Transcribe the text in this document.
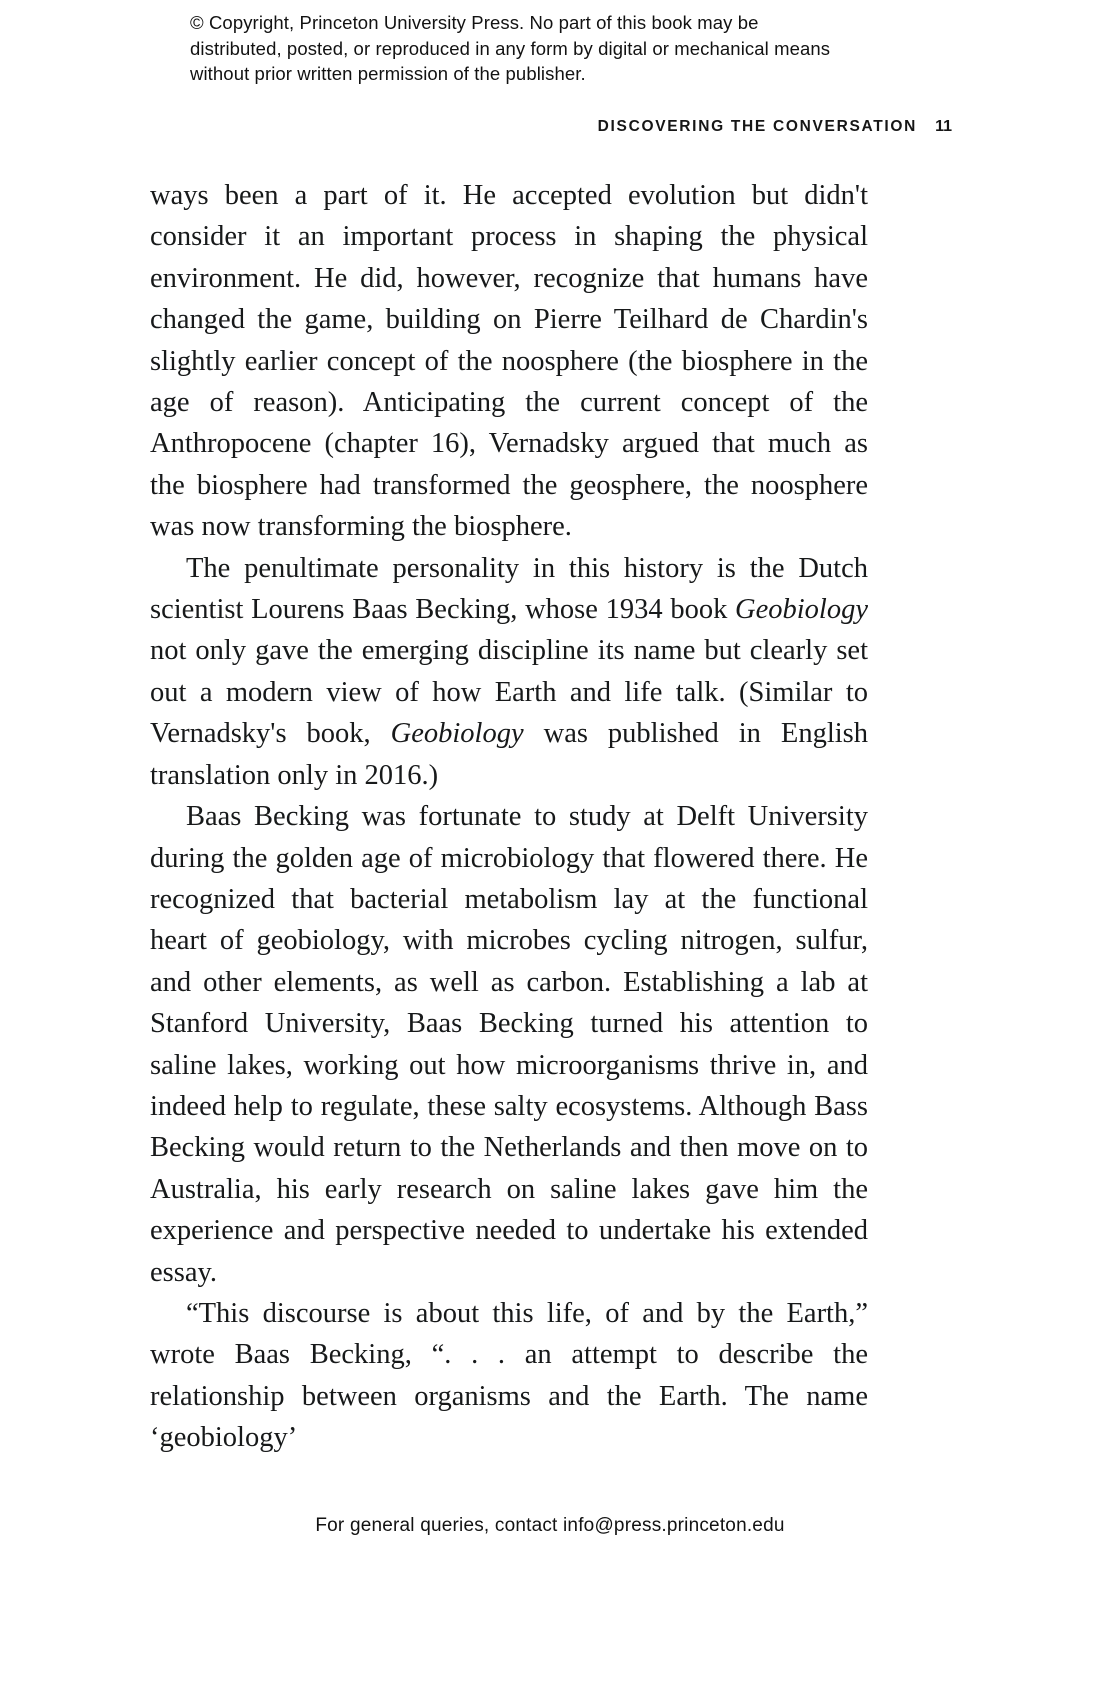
© Copyright, Princeton University Press. No part of this book may be distributed, posted, or reproduced in any form by digital or mechanical means without prior written permission of the publisher.
DISCOVERING THE CONVERSATION 11

ways been a part of it. He accepted evolution but didn't consider it an important process in shaping the physical environment. He did, however, recognize that humans have changed the game, building on Pierre Teilhard de Chardin's slightly earlier concept of the noosphere (the biosphere in the age of reason). Anticipating the current concept of the Anthropocene (chapter 16), Vernadsky argued that much as the biosphere had transformed the geosphere, the noosphere was now transforming the biosphere.

The penultimate personality in this history is the Dutch scientist Lourens Baas Becking, whose 1934 book Geobiology not only gave the emerging discipline its name but clearly set out a modern view of how Earth and life talk. (Similar to Vernadsky's book, Geobiology was published in English translation only in 2016.)

Baas Becking was fortunate to study at Delft University during the golden age of microbiology that flowered there. He recognized that bacterial metabolism lay at the functional heart of geobiology, with microbes cycling nitrogen, sulfur, and other elements, as well as carbon. Establishing a lab at Stanford University, Baas Becking turned his attention to saline lakes, working out how microorganisms thrive in, and indeed help to regulate, these salty ecosystems. Although Bass Becking would return to the Netherlands and then move on to Australia, his early research on saline lakes gave him the experience and perspective needed to undertake his extended essay.

“This discourse is about this life, of and by the Earth,” wrote Baas Becking, “. . . an attempt to describe the relationship between organisms and the Earth. The name ‘geobiology’

For general queries, contact info@press.princeton.edu
